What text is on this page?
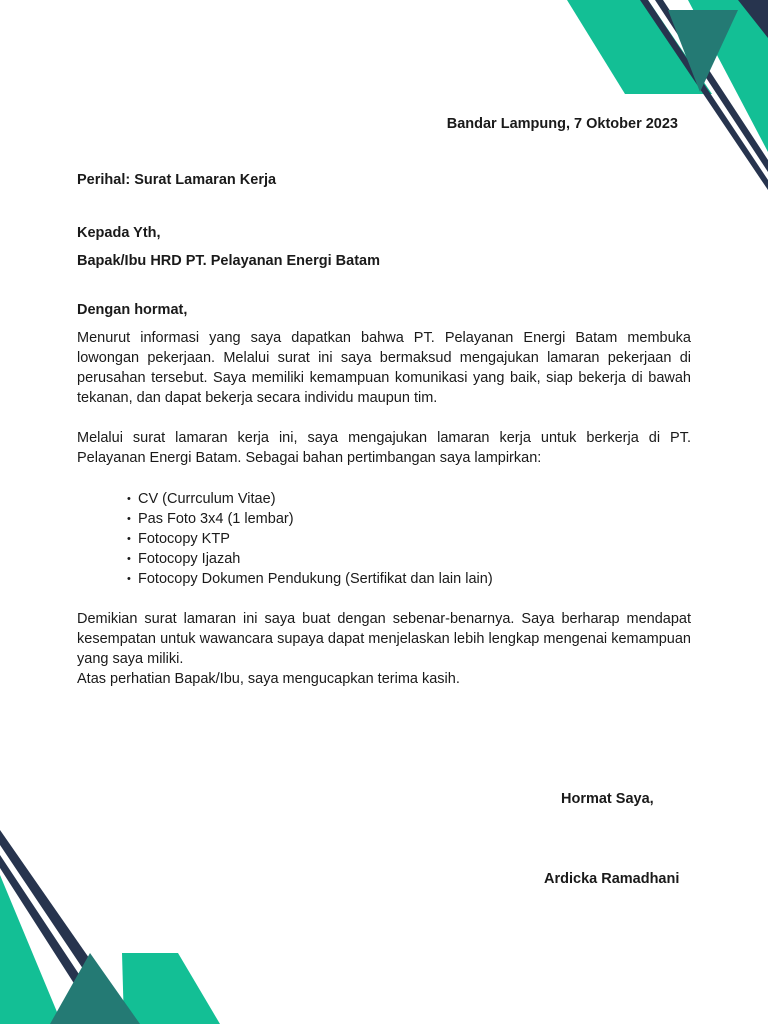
Bandar Lampung, 7 Oktober 2023
Perihal: Surat Lamaran Kerja
Kepada Yth,
Bapak/Ibu HRD PT. Pelayanan Energi Batam
Dengan hormat,
Menurut informasi yang saya dapatkan bahwa PT. Pelayanan Energi Batam membuka lowongan pekerjaan. Melalui surat ini saya bermaksud mengajukan lamaran pekerjaan di perusahan tersebut. Saya memiliki kemampuan komunikasi yang baik, siap bekerja di bawah tekanan, dan dapat bekerja secara individu maupun tim.
Melalui surat lamaran kerja ini, saya mengajukan lamaran kerja untuk berkerja di PT. Pelayanan Energi Batam. Sebagai bahan pertimbangan saya lampirkan:
• CV (Currculum Vitae)
• Pas Foto 3x4 (1 lembar)
• Fotocopy KTP
• Fotocopy Ijazah
• Fotocopy Dokumen Pendukung (Sertifikat dan lain lain)
Demikian surat lamaran ini saya buat dengan sebenar-benarnya. Saya berharap mendapat kesempatan untuk wawancara supaya dapat menjelaskan lebih lengkap mengenai kemampuan yang saya miliki.
Atas perhatian Bapak/Ibu, saya mengucapkan terima kasih.
Hormat Saya,
Ardicka Ramadhani
